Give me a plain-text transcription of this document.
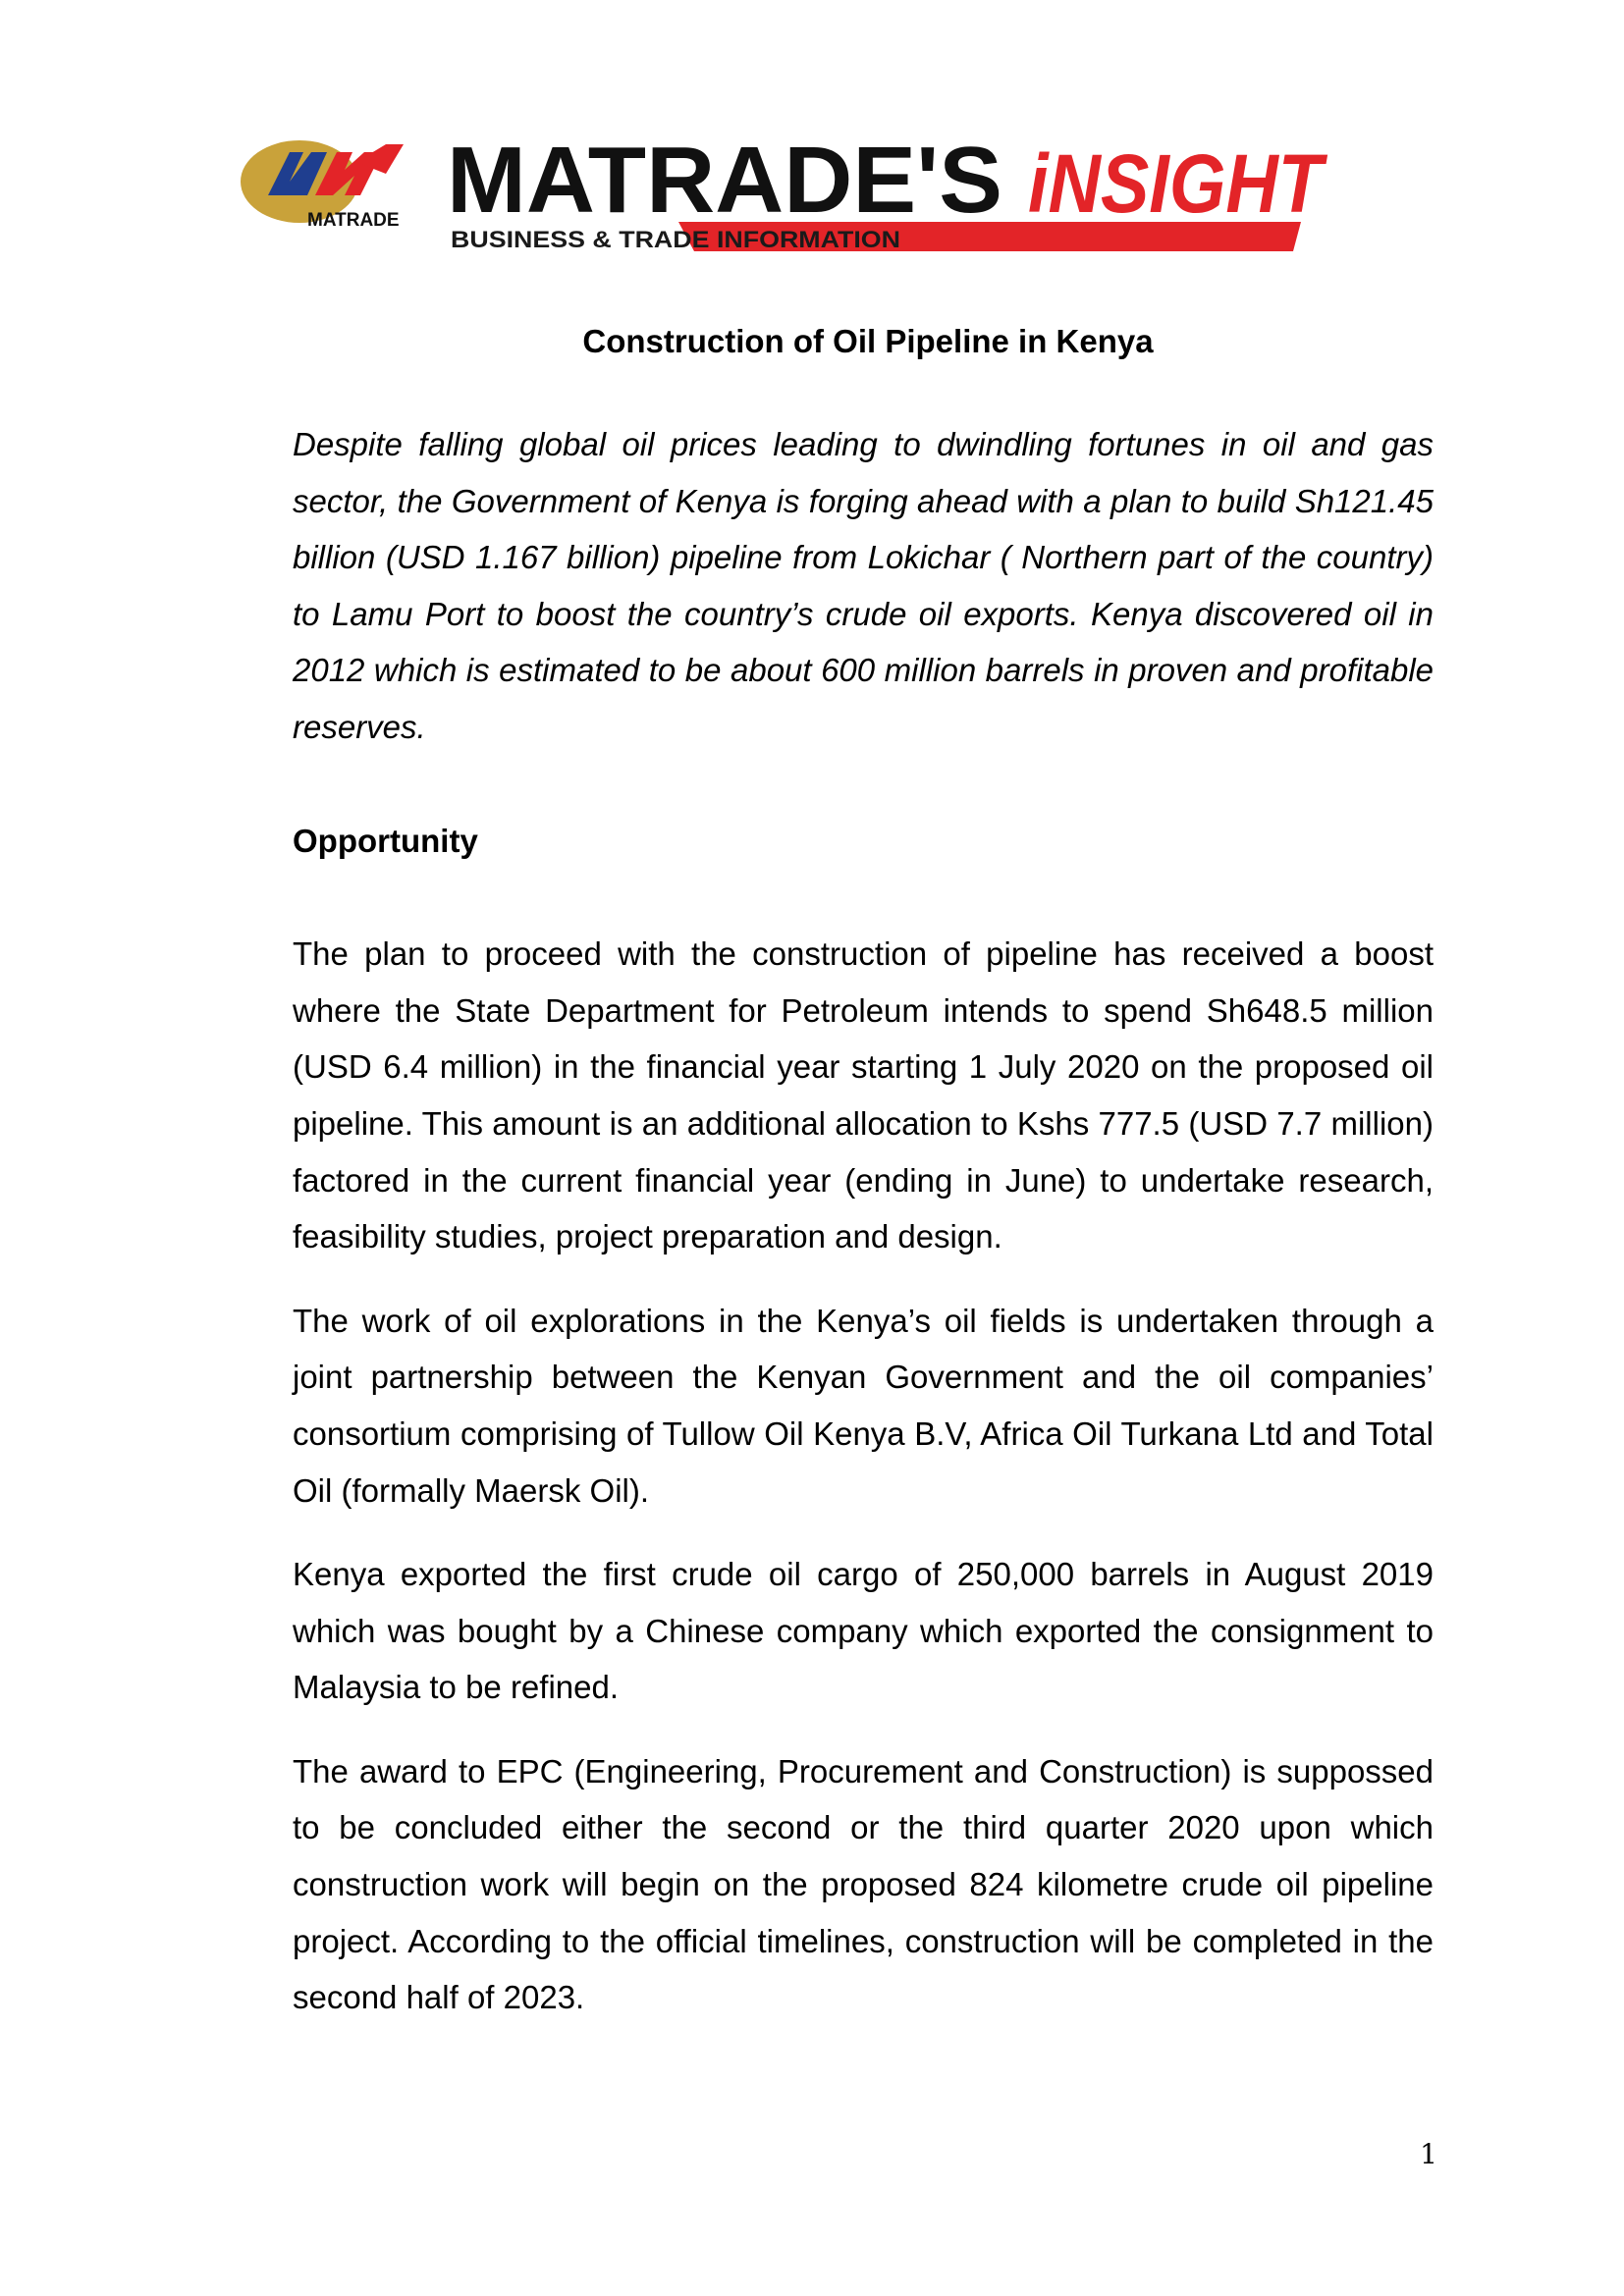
MATRADE MATRADE'S iNSIGHT
BUSINESS & TRADE INFORMATION
Construction of Oil Pipeline in Kenya

Despite falling global oil prices leading to dwindling fortunes in oil and gas sector, the Government of Kenya is forging ahead with a plan to build Sh121.45 billion (USD 1.167 billion) pipeline from Lokichar ( Northern part of the country) to Lamu Port to boost the country’s crude oil exports. Kenya discovered oil in 2012 which is estimated to be about 600 million barrels in proven and profitable reserves.

Opportunity

The plan to proceed with the construction of pipeline has received a boost where the State Department for Petroleum intends to spend Sh648.5 million (USD 6.4 million) in the financial year starting 1 July 2020 on the proposed oil pipeline. This amount is an additional allocation to Kshs 777.5 (USD 7.7 million) factored in the current financial year (ending in June) to undertake research, feasibility studies, project preparation and design.

The work of oil explorations in the Kenya’s oil fields is undertaken through a joint partnership between the Kenyan Government and the oil companies’ consortium comprising of Tullow Oil Kenya B.V, Africa Oil Turkana Ltd and Total Oil (formally Maersk Oil).

Kenya exported the first crude oil cargo of 250,000 barrels in August 2019 which was bought by a Chinese company which exported the consignment to Malaysia to be refined.

The award to EPC (Engineering, Procurement and Construction) is suppossed to be concluded either the second or the third quarter 2020 upon which construction work will begin on the proposed 824 kilometre crude oil pipeline project. According to the official timelines, construction will be completed in the second half of 2023.

1
